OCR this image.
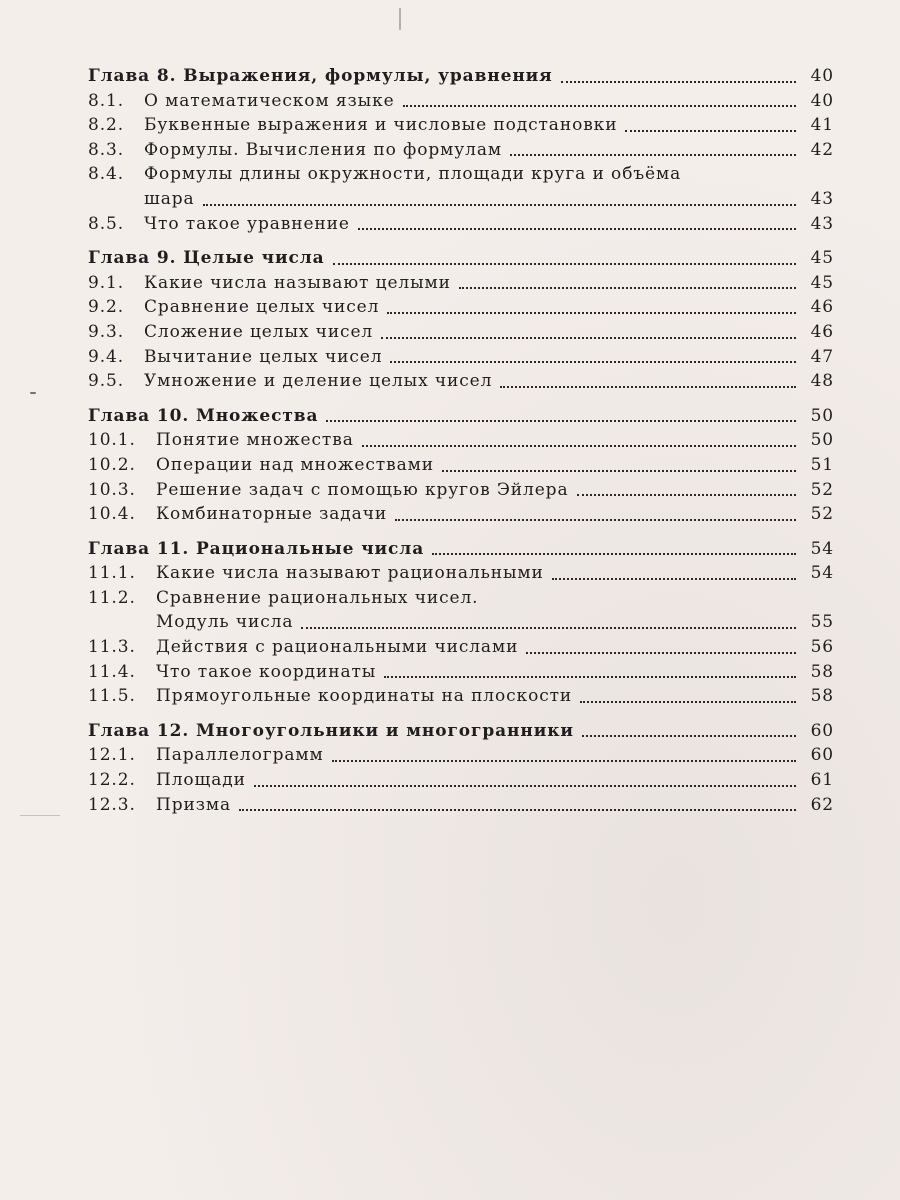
Глава 8. Выражения, формулы, уравнения	40
8.1.	О математическом языке	40
8.2.	Буквенные выражения и числовые подстановки	41
8.3.	Формулы. Вычисления по формулам	42
8.4.	Формулы длины окружности, площади круга и объёма
шара	43
8.5.	Что такое уравнение	43
Глава 9. Целые числа	45
9.1.	Какие числа называют целыми	45
9.2.	Сравнение целых чисел	46
9.3.	Сложение целых чисел	46
9.4.	Вычитание целых чисел	47
9.5.	Умножение и деление целых чисел	48
Глава 10. Множества	50
10.1.	Понятие множества	50
10.2.	Операции над множествами	51
10.3.	Решение задач с помощью кругов Эйлера	52
10.4.	Комбинаторные задачи	52
Глава 11. Рациональные числа	54
11.1.	Какие числа называют рациональными	54
11.2.	Сравнение рациональных чисел.
Модуль числа	55
11.3.	Действия с рациональными числами	56
11.4.	Что такое координаты	58
11.5.	Прямоугольные координаты на плоскости	58
Глава 12. Многоугольники и многогранники	60
12.1.	Параллелограмм	60
12.2.	Площади	61
12.3.	Призма	62
